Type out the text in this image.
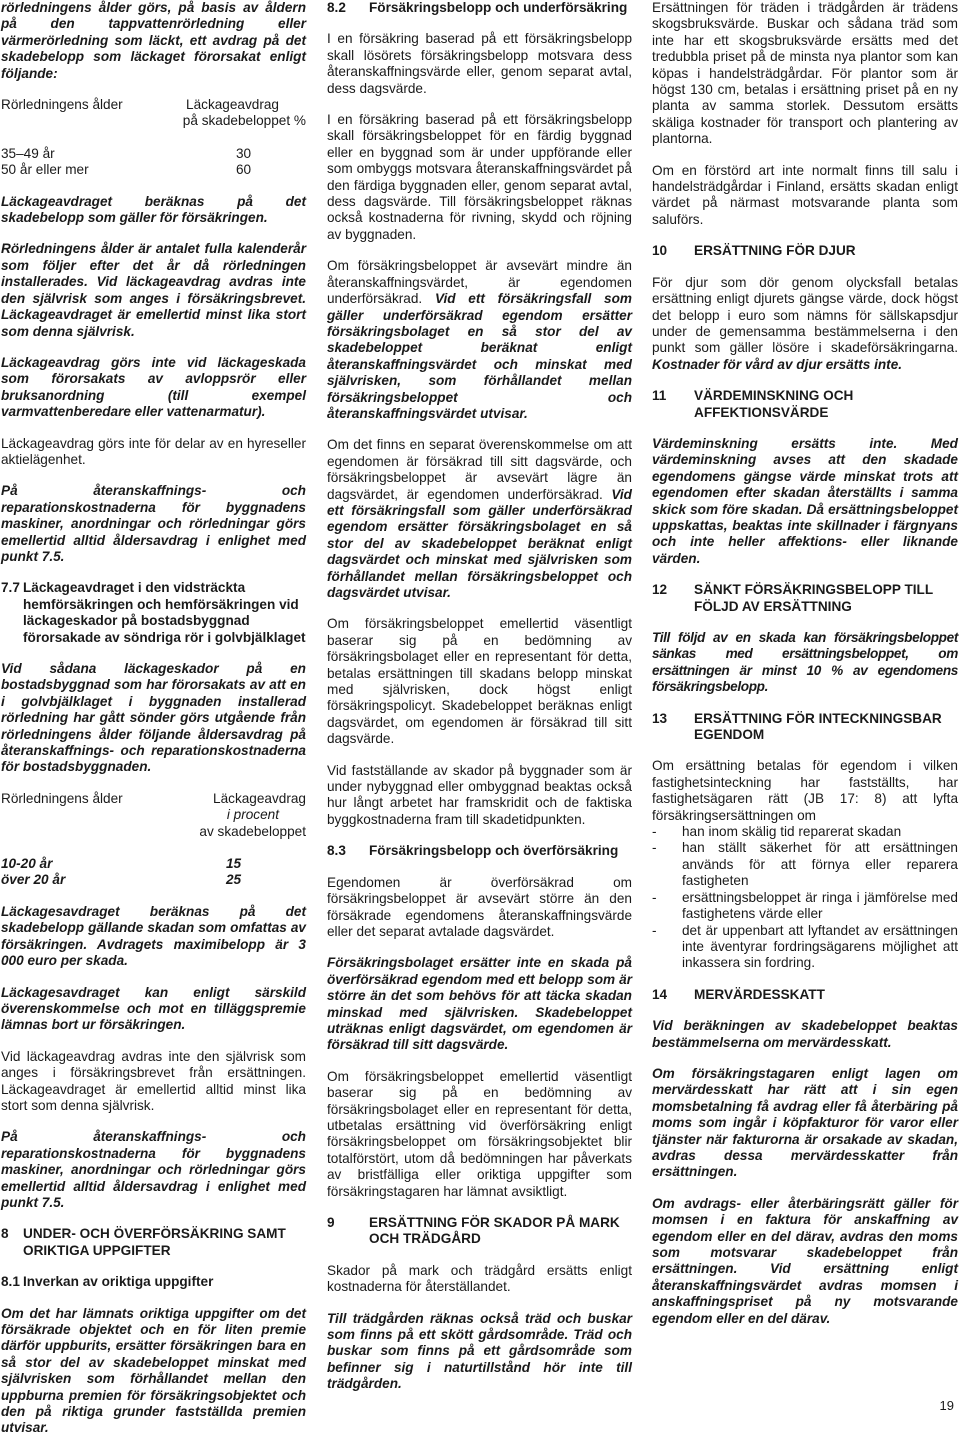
rörledningens ålder görs, på basis av åldern på den tappvattenrörledning eller värmerörledning som läckt, ett avdrag på det skadebelopp som läckaget förorsakat enligt följande:

Rörledningens ålder	Läckageavdrag
på skadebeloppet %
35–49 år	30
50 år eller mer	60

Läckageavdraget beräknas på det skadebelopp som gäller för försäkringen.

Rörledningens ålder är antalet fulla kalenderår som följer efter det år då rörledningen installerades. Vid läckageavdrag avdras inte den självrisk som anges i försäkringsbrevet. Läckageavdraget är emellertid minst lika stort som denna självrisk.

Läckageavdrag görs inte vid läckageskada som förorsakats av avloppsrör eller bruksanordning (till exempel varmvattenberedare eller vattenarmatur).

Läckageavdrag görs inte för delar av en hyreseller aktielägenhet.

På återanskaffnings- och reparationskostnaderna för byggnadens maskiner, anordningar och rörledningar görs emellertid alltid åldersavdrag i enlighet med punkt 7.5.

7.7 Läckageavdraget i den vidsträckta hemförsäkringen och hemförsäkringen vid läckageskador på bostadsbyggnad förorsakade av söndriga rör i golvbjälklaget

Vid sådana läckageskador på en bostadsbyggnad som har förorsakats av att en i golvbjälklaget i byggnaden installerad rörledning har gått sönder görs utgående från rörledningens ålder följande åldersavdrag på återanskaffnings- och reparationskostnaderna för bostadsbyggnaden.

Rörledningens ålder	Läckageavdrag
i procent
av skadebeloppet
10-20 år	15
över 20 år	25

Läckagesavdraget beräknas på det skadebelopp gällande skadan som omfattas av försäkringen. Avdragets maximibelopp är 3 000 euro per skada.

Läckagesavdraget kan enligt särskild överenskommelse och mot en tilläggspremie lämnas bort ur försäkringen.

Vid läckageavdrag avdras inte den självrisk som anges i försäkringsbrevet från ersättningen. Läckageavdraget är emellertid alltid minst lika stort som denna självrisk.

På återanskaffnings- och reparationskostnaderna för byggnadens maskiner, anordningar och rörledningar görs emellertid alltid åldersavdrag i enlighet med punkt 7.5.

8	UNDER- OCH ÖVERFÖRSÄKRING SAMT ORIKTIGA UPPGIFTER
8.1 Inverkan av oriktiga uppgifter

Om det har lämnats oriktiga uppgifter om det försäkrade objektet och en för liten premie därför uppburits, ersätter försäkringen bara en så stor del av skadebeloppet minskat med självrisken som förhållandet mellan den uppburna premien för försäkringsobjektet och den på riktiga grunder fastställda premien utvisar.

8.2	Försäkringsbelopp och underförsäkring

I en försäkring baserad på ett försäkringsbelopp skall lösörets försäkringsbelopp motsvara dess återanskaffningsvärde eller, genom separat avtal, dess dagsvärde.

I en försäkring baserad på ett försäkringsbelopp skall försäkringsbeloppet för en färdig byggnad eller en byggnad som är under uppförande eller som ombyggs motsvara återanskaffningsvärdet på den färdiga byggnaden eller, genom separat avtal, dess dagsvärde. Till försäkringsbeloppet räknas också kostnaderna för rivning, skydd och röjning av byggnaden.

Om försäkringsbeloppet är avsevärt mindre än återanskaffningsvärdet, är egendomen underförsäkrad. Vid ett försäkringsfall som gäller underförsäkrad egendom ersätter försäkringsbolaget en så stor del av skadebeloppet beräknat enligt återanskaffningsvärdet och minskat med självrisken, som förhållandet mellan försäkringsbeloppet och återanskaffningsvärdet utvisar.

Om det finns en separat överenskommelse om att egendomen är försäkrad till sitt dagsvärde, och försäkringsbeloppet är avsevärt lägre än dagsvärdet, är egendomen underförsäkrad. Vid ett försäkringsfall som gäller underförsäkrad egendom ersätter försäkringsbolaget en så stor del av skadebeloppet beräknat enligt dagsvärdet och minskat med självrisken som förhållandet mellan försäkringsbeloppet och dagsvärdet utvisar.

Om försäkringsbeloppet emellertid väsentligt baserar sig på en bedömning av försäkringsbolaget eller en representant för detta, betalas ersättningen till skadans belopp minskat med självrisken, dock högst enligt försäkringspolicyt. Skadebeloppet beräknas enligt dagsvärdet, om egendomen är försäkrad till sitt dagsvärde.

Vid fastställande av skador på byggnader som är under nybyggnad eller ombyggnad beaktas också hur långt arbetet har framskridit och de faktiska byggkostnaderna fram till skadetidpunkten.

8.3	Försäkringsbelopp och överförsäkring

Egendomen är överförsäkrad om försäkringsbeloppet är avsevärt större än den försäkrade egendomens återanskaffningsvärde eller det separat avtalade dagsvärdet.

Försäkringsbolaget ersätter inte en skada på överförsäkrad egendom med ett belopp som är större än det som behövs för att täcka skadan minskad med självrisken. Skadebeloppet uträknas enligt dagsvärdet, om egendomen är försäkrad till sitt dagsvärde.

Om försäkringsbeloppet emellertid väsentligt baserar sig på en bedömning av försäkringsbolaget eller en representant för detta, utbetalas ersättning vid överförsäkring enligt försäkringsbeloppet om försäkringsobjektet blir totalförstört, utom då bedömningen har påverkats av bristfälliga eller oriktiga uppgifter som försäkringstagaren har lämnat avsiktligt.

9	ERSÄTTNING FÖR SKADOR PÅ MARK OCH TRÄDGÅRD

Skador på mark och trädgård ersätts enligt kostnaderna för återställandet.

Till trädgården räknas också träd och buskar som finns på ett skött gårdsområde. Träd och buskar som finns på ett gårdsområde som befinner sig i naturtillstånd hör inte till trädgården.

Ersättningen för träden i trädgården är trädens skogsbruksvärde. Buskar och sådana träd som inte har ett skogsbruksvärde ersätts med det tredubbla priset på de minsta nya plantor som kan köpas i handelsträdgårdar. För plantor som är högst 130 cm, betalas i ersättning priset på en ny planta av samma storlek. Dessutom ersätts skäliga kostnader för transport och plantering av plantorna.

Om en förstörd art inte normalt finns till salu i handelsträdgårdar i Finland, ersätts skadan enligt värdet på närmast motsvarande planta som saluförs.

10	ERSÄTTNING FÖR DJUR

För djur som dör genom olycksfall betalas ersättning enligt djurets gängse värde, dock högst det belopp i euro som nämns för sällskapsdjur under de gemensamma bestämmelserna i den punkt som gäller lösöre i skadeförsäkringarna. Kostnader för vård av djur ersätts inte.

11	VÄRDEMINSKNING OCH AFFEKTIONSVÄRDE

Värdeminskning ersätts inte. Med värdeminskning avses att den skadade egendomens gängse värde minskat trots att egendomen efter skadan återställts i samma skick som före skadan. Då ersättningsbeloppet uppskattas, beaktas inte skillnader i färgnyans och inte heller affektions- eller liknande värden.

12	SÄNKT FÖRSÄKRINGSBELOPP TILL FÖLJD AV ERSÄTTNING

Till följd av en skada kan försäkringsbeloppet sänkas med ersättningsbeloppet, om ersättningen är minst 10 % av egendomens försäkringsbelopp.

13	ERSÄTTNING FÖR INTECKNINGSBAR EGENDOM

Om ersättning betalas för egendom i vilken fastighetsinteckning har fastställts, har fastighetsägaren rätt (JB 17: 8) att lyfta försäkringsersättningen om

-	han inom skälig tid reparerat skadan
-	han ställt säkerhet för att ersättningen används för att förnya eller reparera fastigheten
-	ersättningsbeloppet är ringa i jämförelse med fastighetens värde eller
-	det är uppenbart att lyftandet av ersättningen inte äventyrar fordringsägarens möjlighet att inkassera sin fordring.
14	MERVÄRDESSKATT

Vid beräkningen av skadebeloppet beaktas bestämmelserna om mervärdesskatt.

Om försäkringstagaren enligt lagen om mervärdesskatt har rätt att i sin egen momsbetalning få avdrag eller få återbäring på moms som ingår i köpfakturor för varor eller tjänster när fakturorna är orsakade av skadan, avdras dessa mervärdesskatter från ersättningen.

Om avdrags- eller återbäringsrätt gäller för momsen i en faktura för anskaffning av egendom eller en del därav, avdras den moms som motsvarar skadebeloppet från ersättningen. Vid ersättning enligt återanskaffningsvärdet avdras momsen i anskaffningspriset på ny motsvarande egendom eller en del därav.

19
